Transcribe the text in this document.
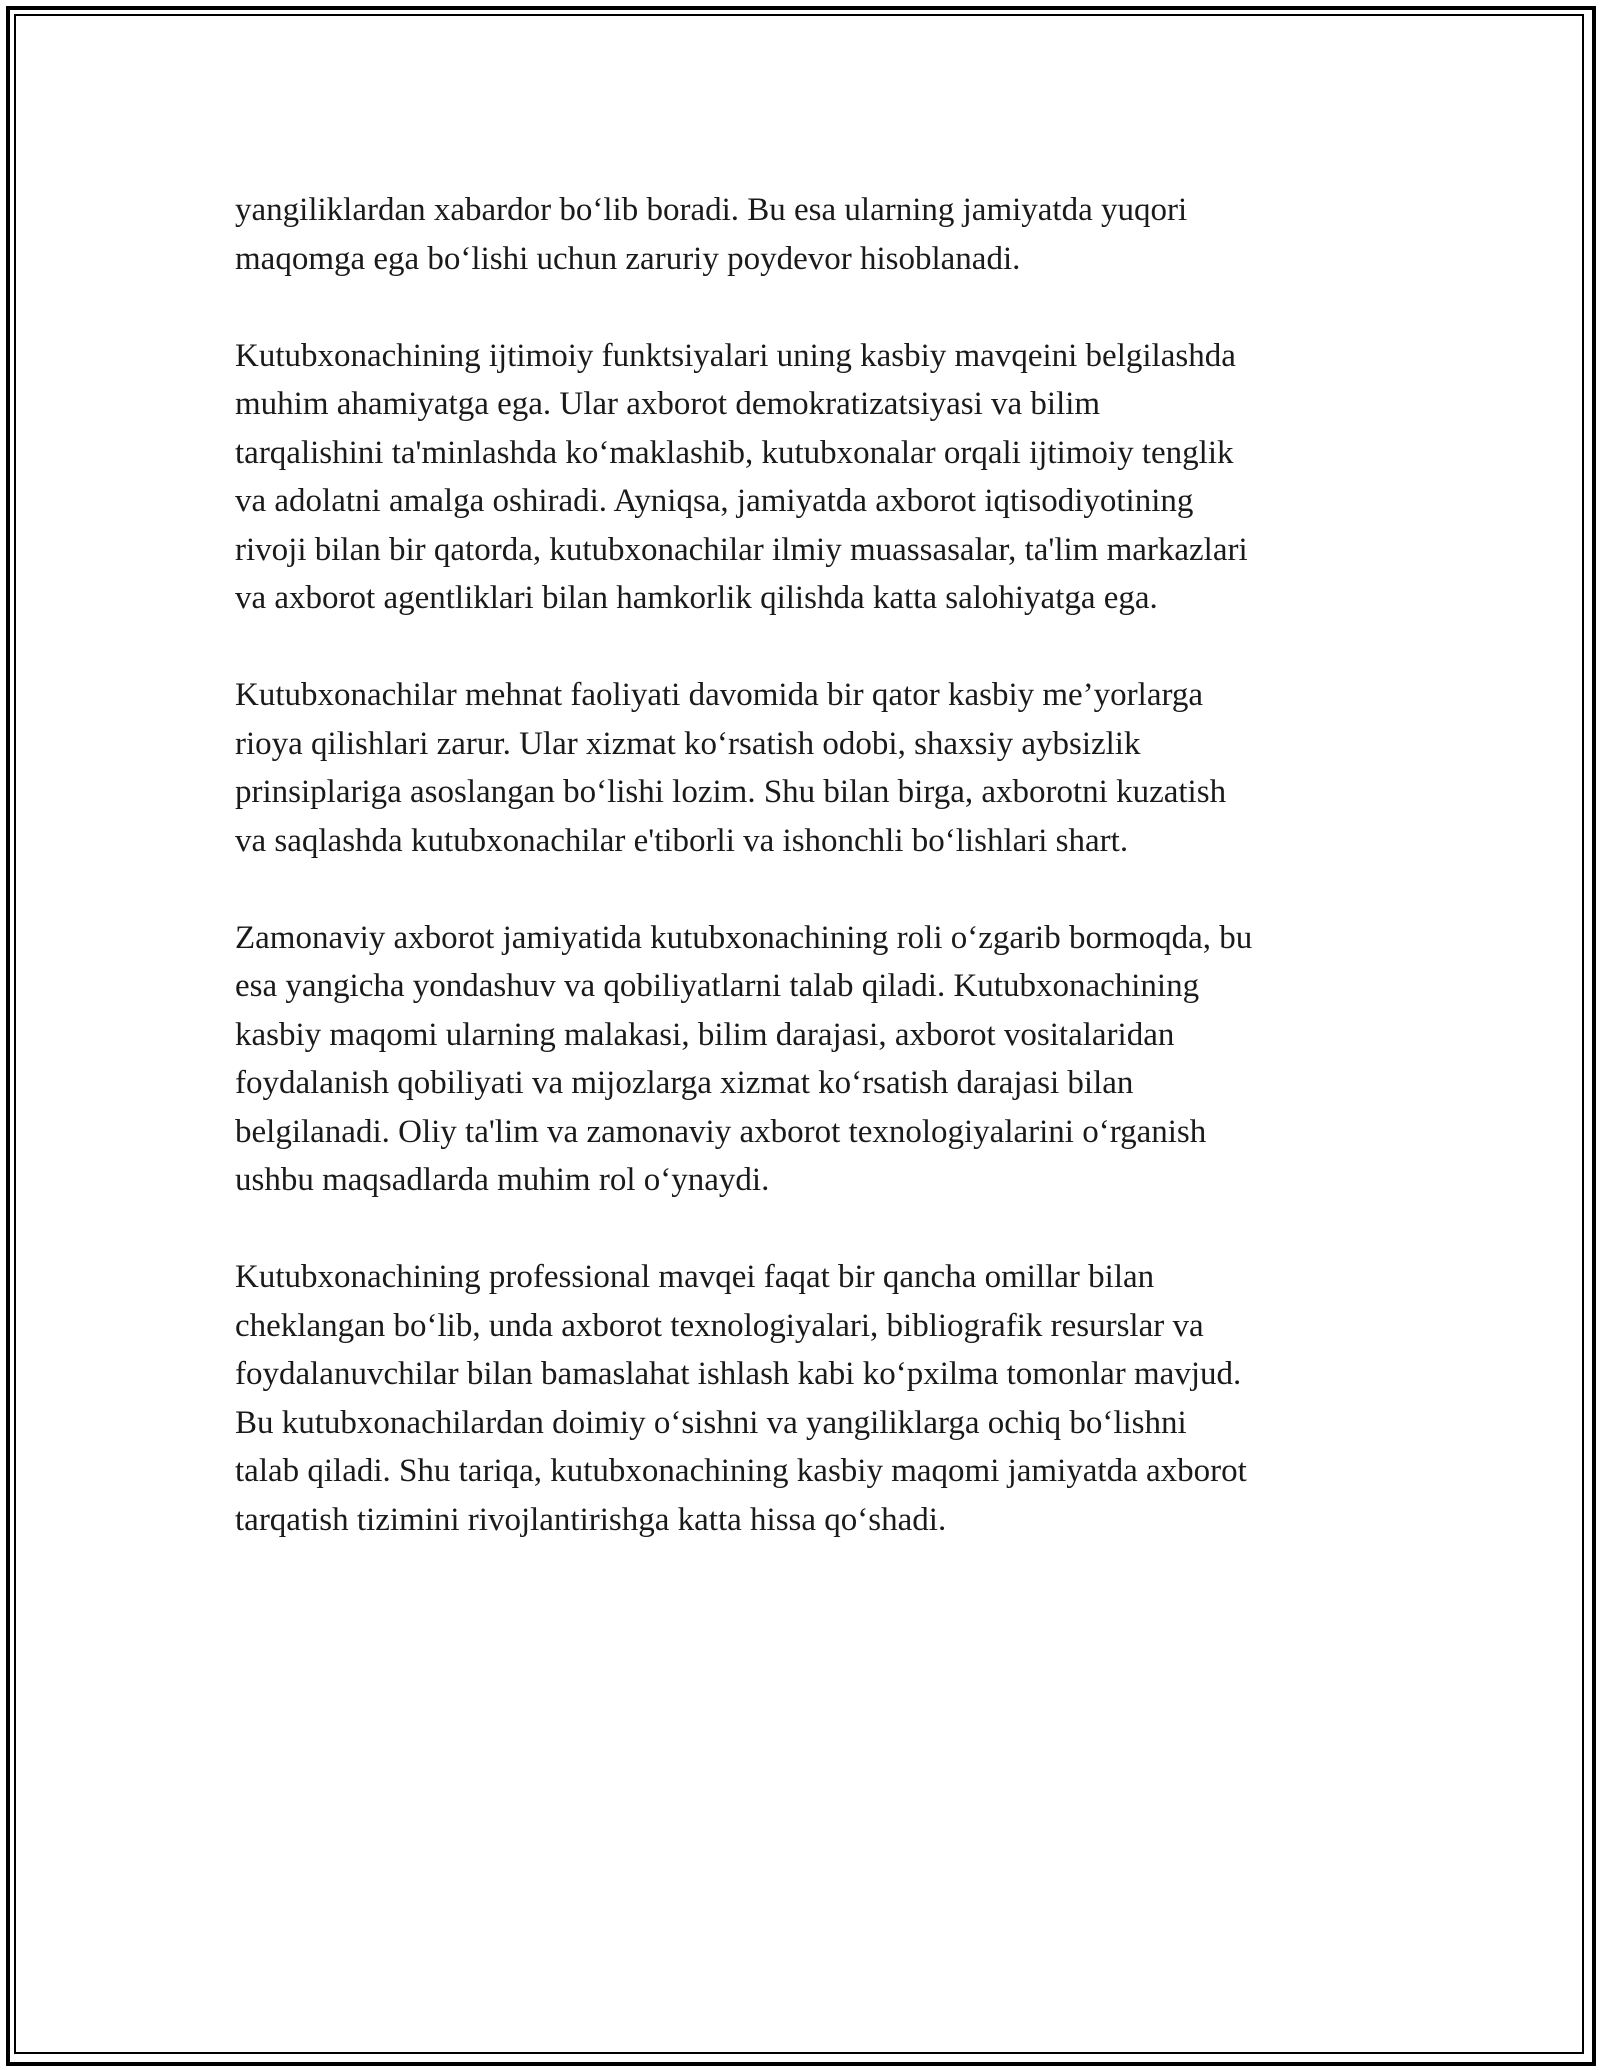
yangiliklardan xabardor bo‘lib boradi. Bu esa ularning jamiyatda yuqori
maqomga ega bo‘lishi uchun zaruriy poydevor hisoblanadi.

Kutubxonachining ijtimoiy funktsiyalari uning kasbiy mavqeini belgilashda
muhim ahamiyatga ega. Ular axborot demokratizatsiyasi va bilim
tarqalishini ta'minlashda ko‘maklashib, kutubxonalar orqali ijtimoiy tenglik
va adolatni amalga oshiradi. Ayniqsa, jamiyatda axborot iqtisodiyotining
rivoji bilan bir qatorda, kutubxonachilar ilmiy muassasalar, ta'lim markazlari
va axborot agentliklari bilan hamkorlik qilishda katta salohiyatga ega.

Kutubxonachilar mehnat faoliyati davomida bir qator kasbiy me’yorlarga
rioya qilishlari zarur. Ular xizmat ko‘rsatish odobi, shaxsiy aybsizlik
prinsiplariga asoslangan bo‘lishi lozim. Shu bilan birga, axborotni kuzatish
va saqlashda kutubxonachilar e'tiborli va ishonchli bo‘lishlari shart.

Zamonaviy axborot jamiyatida kutubxonachining roli o‘zgarib bormoqda, bu
esa yangicha yondashuv va qobiliyatlarni talab qiladi. Kutubxonachining
kasbiy maqomi ularning malakasi, bilim darajasi, axborot vositalaridan
foydalanish qobiliyati va mijozlarga xizmat ko‘rsatish darajasi bilan
belgilanadi. Oliy ta'lim va zamonaviy axborot texnologiyalarini o‘rganish
ushbu maqsadlarda muhim rol o‘ynaydi.

Kutubxonachining professional mavqei faqat bir qancha omillar bilan
cheklangan bo‘lib, unda axborot texnologiyalari, bibliografik resurslar va
foydalanuvchilar bilan bamaslahat ishlash kabi ko‘pxilma tomonlar mavjud.
Bu kutubxonachilardan doimiy o‘sishni va yangiliklarga ochiq bo‘lishni
talab qiladi. Shu tariqa, kutubxonachining kasbiy maqomi jamiyatda axborot
tarqatish tizimini rivojlantirishga katta hissa qo‘shadi.
